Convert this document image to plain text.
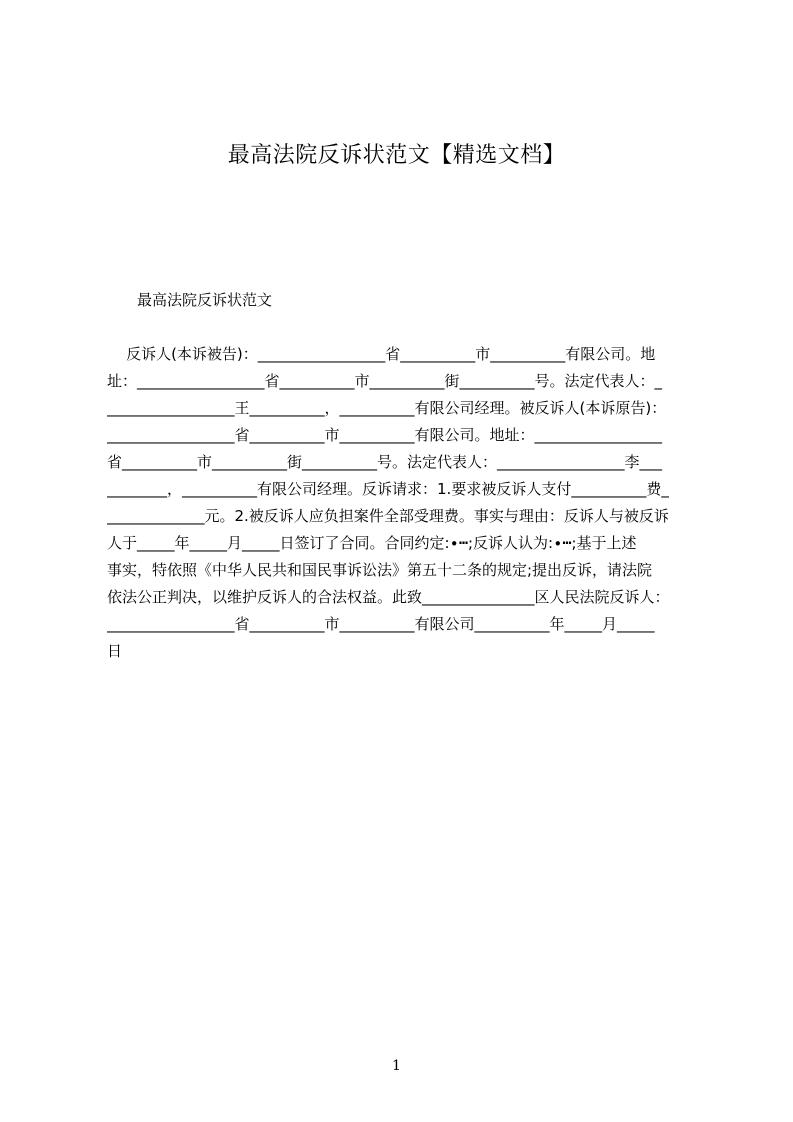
最高法院反诉状范文【精选文档】

最高法院反诉状范文

反诉人(本诉被告)：_________________省__________市__________有限公司。地

址：_________________省__________市__________街__________号。法定代表人：_

_________________王__________，__________有限公司经理。被反诉人(本诉原告)：

_________________省__________市__________有限公司。地址：_________________

省__________市__________街__________号。法定代表人：_________________李___

________，__________有限公司经理。反诉请求：1.要求被反诉人支付__________费_

_____________元。2.被反诉人应负担案件全部受理费。事实与理由：反诉人与被反诉

人于_____年_____月_____日签订了合同。合同约定:∙┅;反诉人认为:∙┅;基于上述

事实，特依照《中华人民共和国民事诉讼法》第五十二条的规定;提出反诉，请法院

依法公正判决，以维护反诉人的合法权益。此致_______________区人民法院反诉人：

_________________省__________市__________有限公司__________年_____月_____

日

1
